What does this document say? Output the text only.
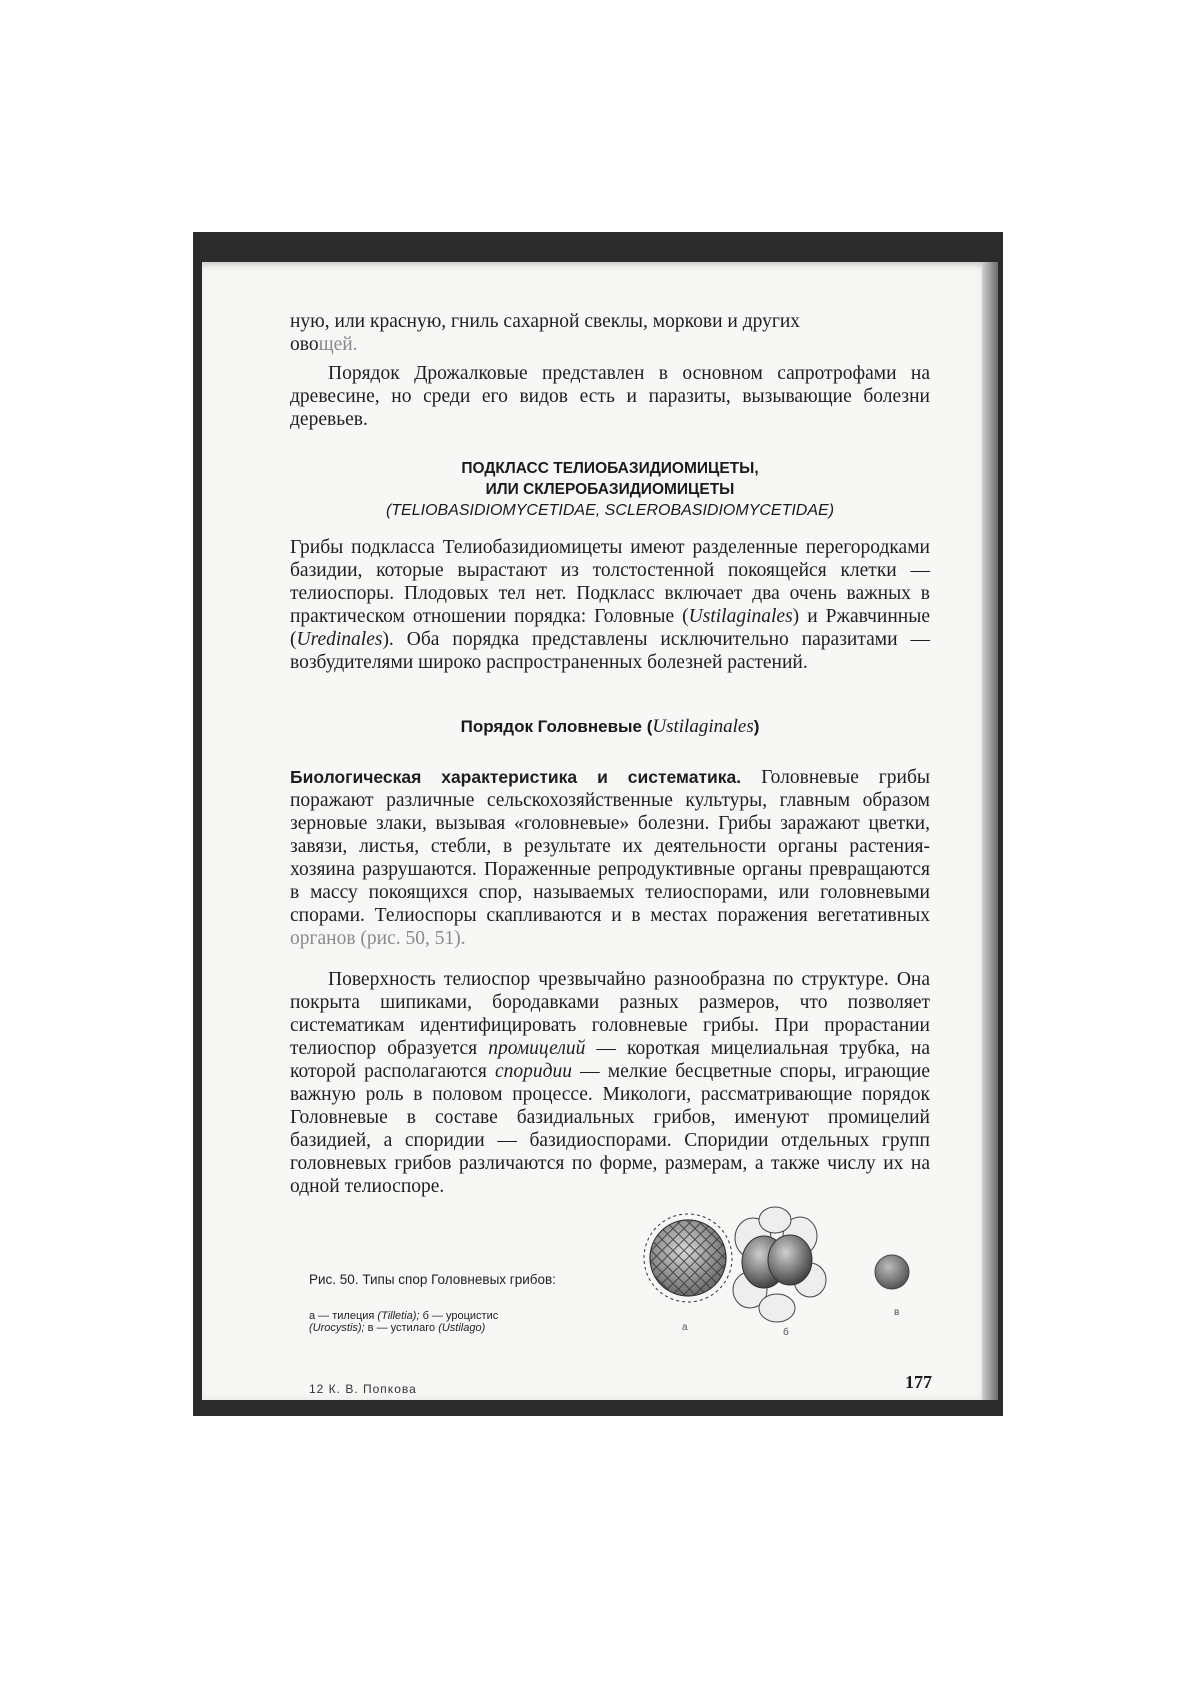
ную, или красную, гниль сахарной свеклы, моркови и других
овощей.

Порядок Дрожалковые представлен в основном сапротрофами на древесине, но среди его видов есть и паразиты, вызывающие болезни деревьев.

ПОДКЛАСС ТЕЛИОБАЗИДИОМИЦЕТЫ,
ИЛИ СКЛЕРОБАЗИДИОМИЦЕТЫ
(TELIOBASIDIOMYCETIDAE, SCLEROBASIDIOMYCETIDAE)

Грибы подкласса Телиобазидиомицеты имеют разделенные перегородками базидии, которые вырастают из толстостенной покоящейся клетки — телиоспоры. Плодовых тел нет. Подкласс включает два очень важных в практическом отношении порядка: Головные (Ustilaginales) и Ржавчинные (Uredinales). Оба порядка представлены исключительно паразитами — возбудителями широко распространенных болезней растений.

Порядок Головневые (Ustilaginales)

Биологическая характеристика и систематика. Головневые грибы поражают различные сельскохозяйственные культуры, главным образом зерновые злаки, вызывая «головневые» болезни. Грибы заражают цветки, завязи, листья, стебли, в результате их деятельности органы растения-хозяина разрушаются. Пораженные репродуктивные органы превращаются в массу покоящихся спор, называемых телиоспорами, или головневыми спорами. Телиоспоры скапливаются и в местах поражения вегетативных органов (рис. 50, 51).

Поверхность телиоспор чрезвычайно разнообразна по структуре. Она покрыта шипиками, бородавками разных размеров, что позволяет систематикам идентифицировать головневые грибы. При прорастании телиоспор образуется промицелий — короткая мицелиальная трубка, на которой располагаются споридии — мелкие бесцветные споры, играющие важную роль в половом процессе. Микологи, рассматривающие порядок Головневые в составе базидиальных грибов, именуют промицелий базидией, а споридии — базидиоспорами. Споридии отдельных групп головневых грибов различаются по форме, размерам, а также числу их на одной телиоспоре.

Рис. 50. Типы спор Головневых грибов:
а — тилеция (Tilletia); б — уроцистис
(Urocystis); в — устилаго (Ustilago)	а	б
в
12 К. В. Попкова	177
